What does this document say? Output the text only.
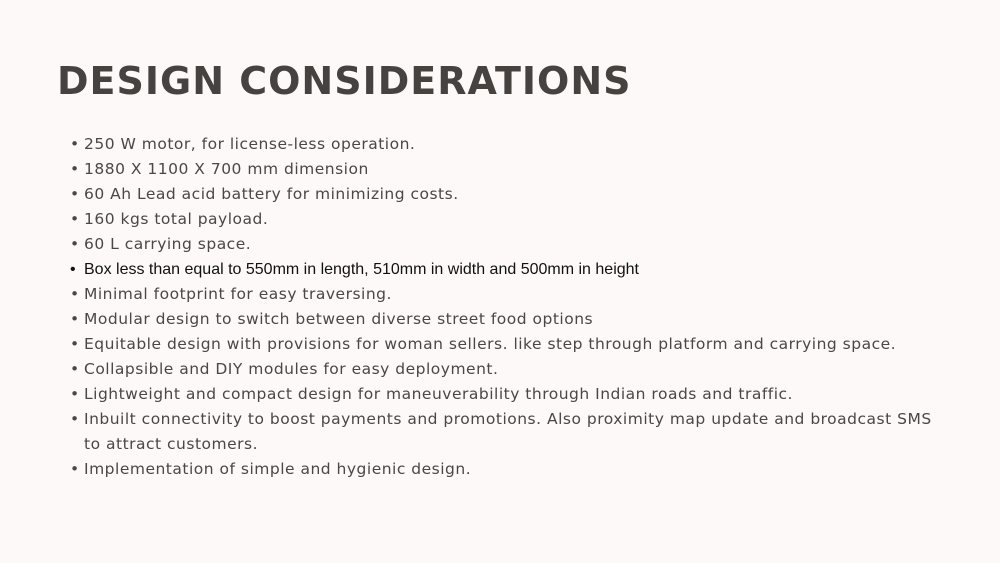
DESIGN CONSIDERATIONS
• 250 W motor, for license-less operation.
• 1880 X 1100 X 700 mm dimension
• 60 Ah Lead acid battery for minimizing costs.
• 160 kgs total payload.
• 60 L carrying space.
• Box less than equal to 550mm in length, 510mm in width and 500mm in height
• Minimal footprint for easy traversing.
• Modular design to switch between diverse street food options
• Equitable design with provisions for woman sellers. like step through platform and carrying space.
• Collapsible and DIY modules for easy deployment.
• Lightweight and compact design for maneuverability through Indian roads and traffic.
• Inbuilt connectivity to boost payments and promotions. Also proximity map update and broadcast SMS to attract customers.
• Implementation of simple and hygienic design.
